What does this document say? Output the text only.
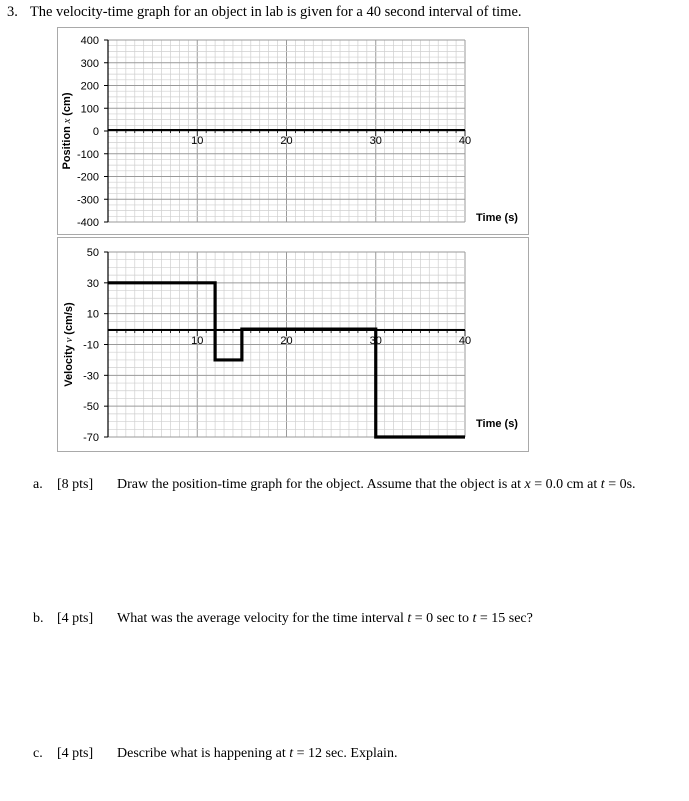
3. The velocity-time graph for an object in lab is given for a 40 second interval of time.
400
300
200
100
0
-100
-200
-300
-400
10	20	30	40
Position x (cm)
Time (s)
50
30
10
-10
-30
-50
-70
10	20	30	40
Velocity v (cm/s)
Time (s)
a. [8 pts] Draw the position-time graph for the object. Assume that the object is at x = 0.0 cm at t = 0s.
b. [4 pts] What was the average velocity for the time interval t = 0 sec to t = 15 sec?
c. [4 pts] Describe what is happening at t = 12 sec. Explain.
